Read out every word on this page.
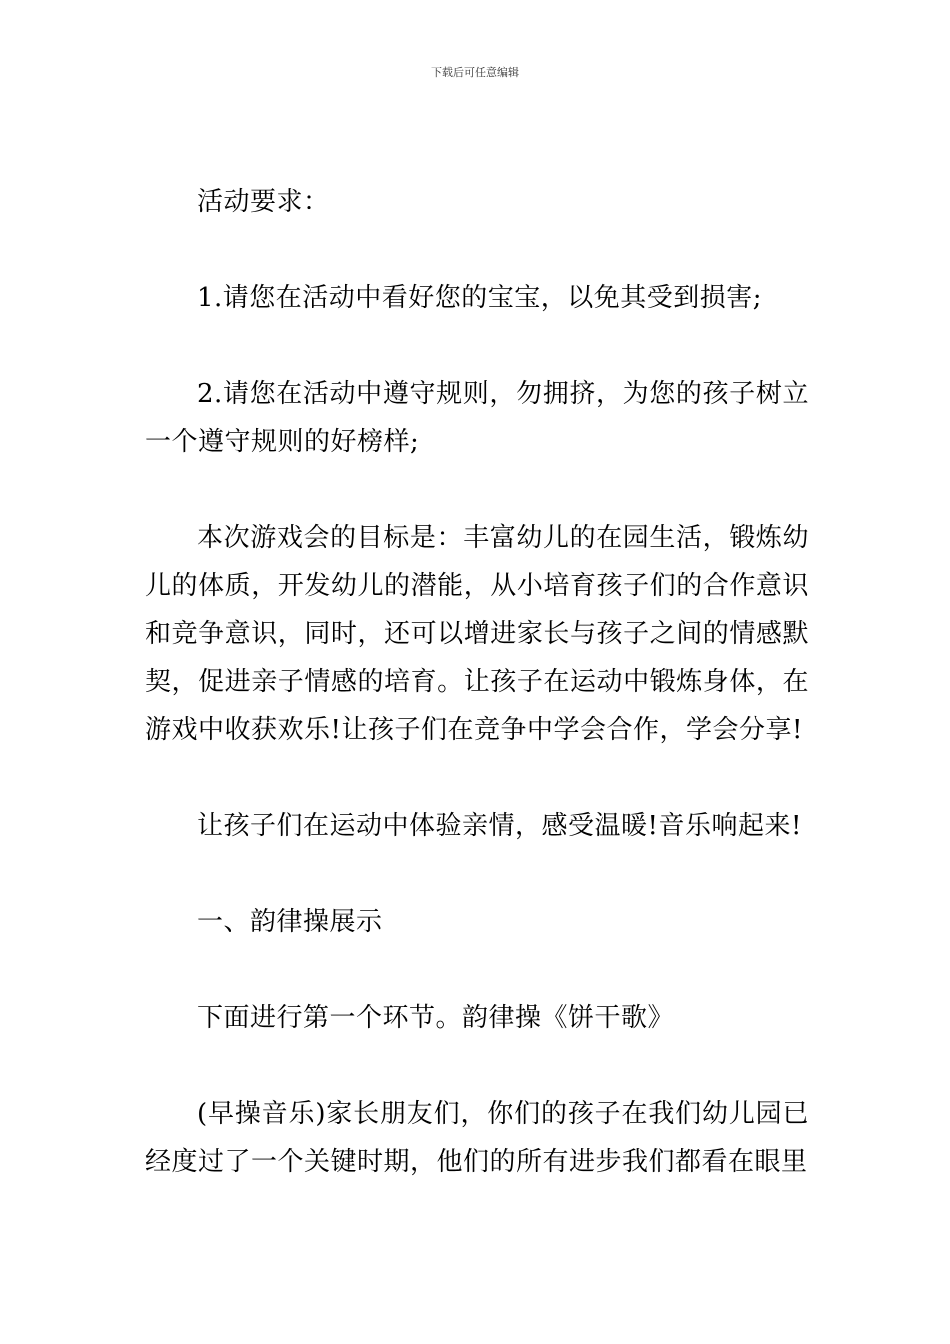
下载后可任意编辑

活动要求：

1.请您在活动中看好您的宝宝，以免其受到损害;

2.请您在活动中遵守规则，勿拥挤，为您的孩子树立一个遵守规则的好榜样;

本次游戏会的目标是：丰富幼儿的在园生活，锻炼幼儿的体质，开发幼儿的潜能，从小培育孩子们的合作意识和竞争意识，同时，还可以增进家长与孩子之间的情感默契，促进亲子情感的培育。让孩子在运动中锻炼身体，在游戏中收获欢乐!让孩子们在竞争中学会合作，学会分享!

让孩子们在运动中体验亲情，感受温暖!音乐响起来!

一、韵律操展示

下面进行第一个环节。韵律操《饼干歌》

(早操音乐)家长朋友们，你们的孩子在我们幼儿园已经度过了一个关键时期，他们的所有进步我们都看在眼里
